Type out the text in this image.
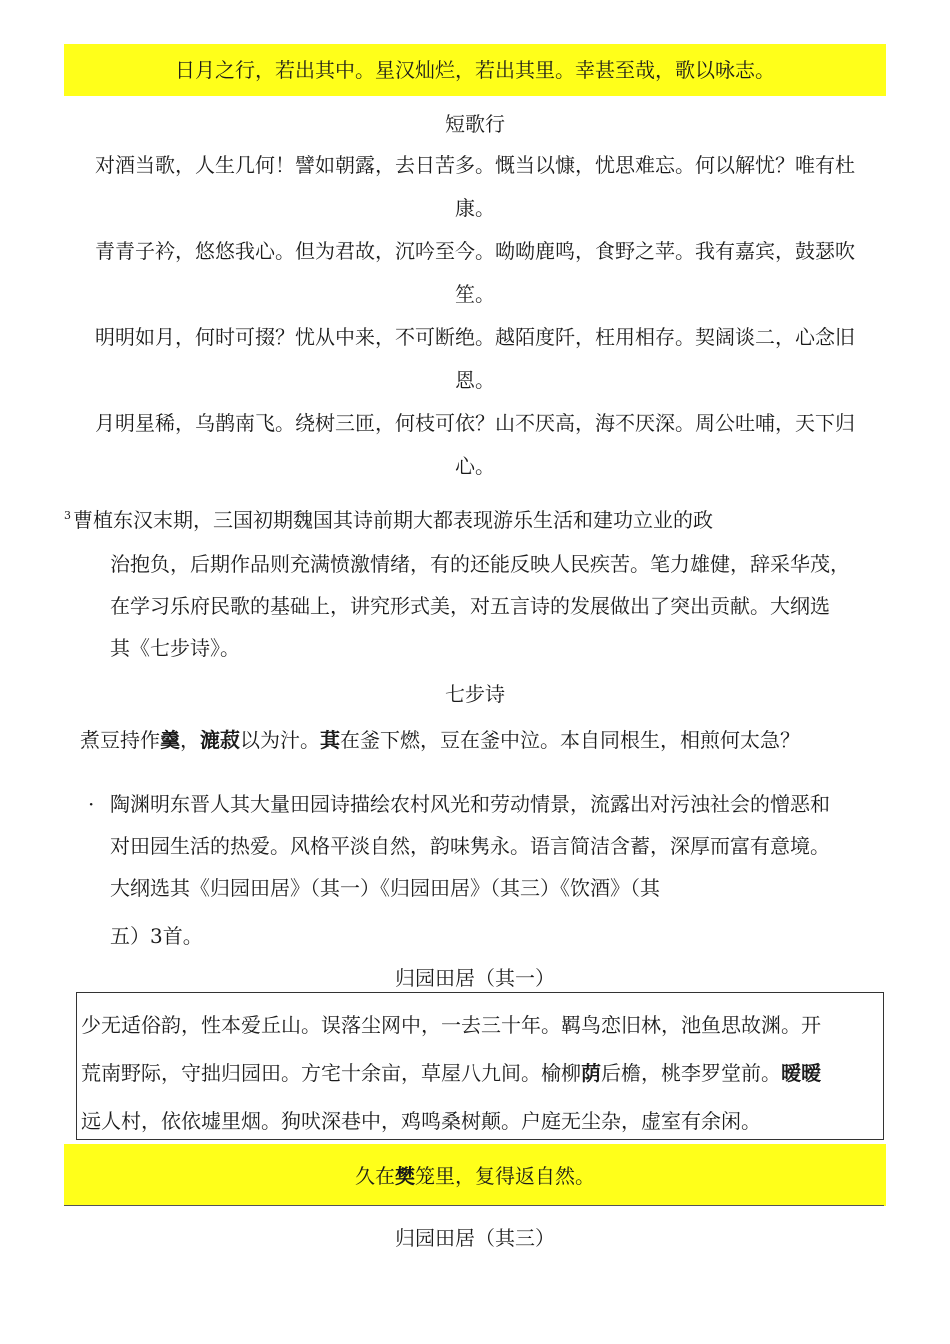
日月之行，若出其中。星汉灿烂，若出其里。幸甚至哉，歌以咏志。
短歌行
对酒当歌，人生几何！譬如朝露，去日苦多。慨当以慷，忧思难忘。何以解忧？唯有杜
康。
青青子衿，悠悠我心。但为君故，沉吟至今。呦呦鹿鸣，食野之苹。我有嘉宾，鼓瑟吹
笙。
明明如月，何时可掇？忧从中来，不可断绝。越陌度阡，枉用相存。契阔谈二，心念旧
恩。
月明星稀，乌鹊南飞。绕树三匝，何枝可依？山不厌高，海不厌深。周公吐哺，天下归
心。
$^3$ 曹植东汉末期，三国初期魏国其诗前期大都表现游乐生活和建功立业的政
治抱负，后期作品则充满愤激情绪，有的还能反映人民疾苦。笔力雄健，辞采华茂，
在学习乐府民歌的基础上，讲究形式美，对五言诗的发展做出了突出贡献。大纲选
其《七步诗》。
七步诗
煮豆持作羹，漉菽以为汁。萁在釜下燃，豆在釜中泣。本自同根生，相煎何太急？
· 陶渊明东晋人其大量田园诗描绘农村风光和劳动情景，流露出对污浊社会的憎恶和
对田园生活的热爱。风格平淡自然，韵味隽永。语言简洁含蓄，深厚而富有意境。
大纲选其《归园田居》（其一）《归园田居》（其三）《饮酒》（其
五）3首。
归园田居（其一）
少无适俗韵，性本爱丘山。误落尘网中，一去三十年。羁鸟恋旧林，池鱼思故渊。开
荒南野际，守拙归园田。方宅十余亩，草屋八九间。榆柳荫后檐，桃李罗堂前。暧暧
远人村，依依墟里烟。狗吠深巷中，鸡鸣桑树颠。户庭无尘杂，虚室有余闲。
久在樊笼里，复得返自然。
归园田居（其三）
